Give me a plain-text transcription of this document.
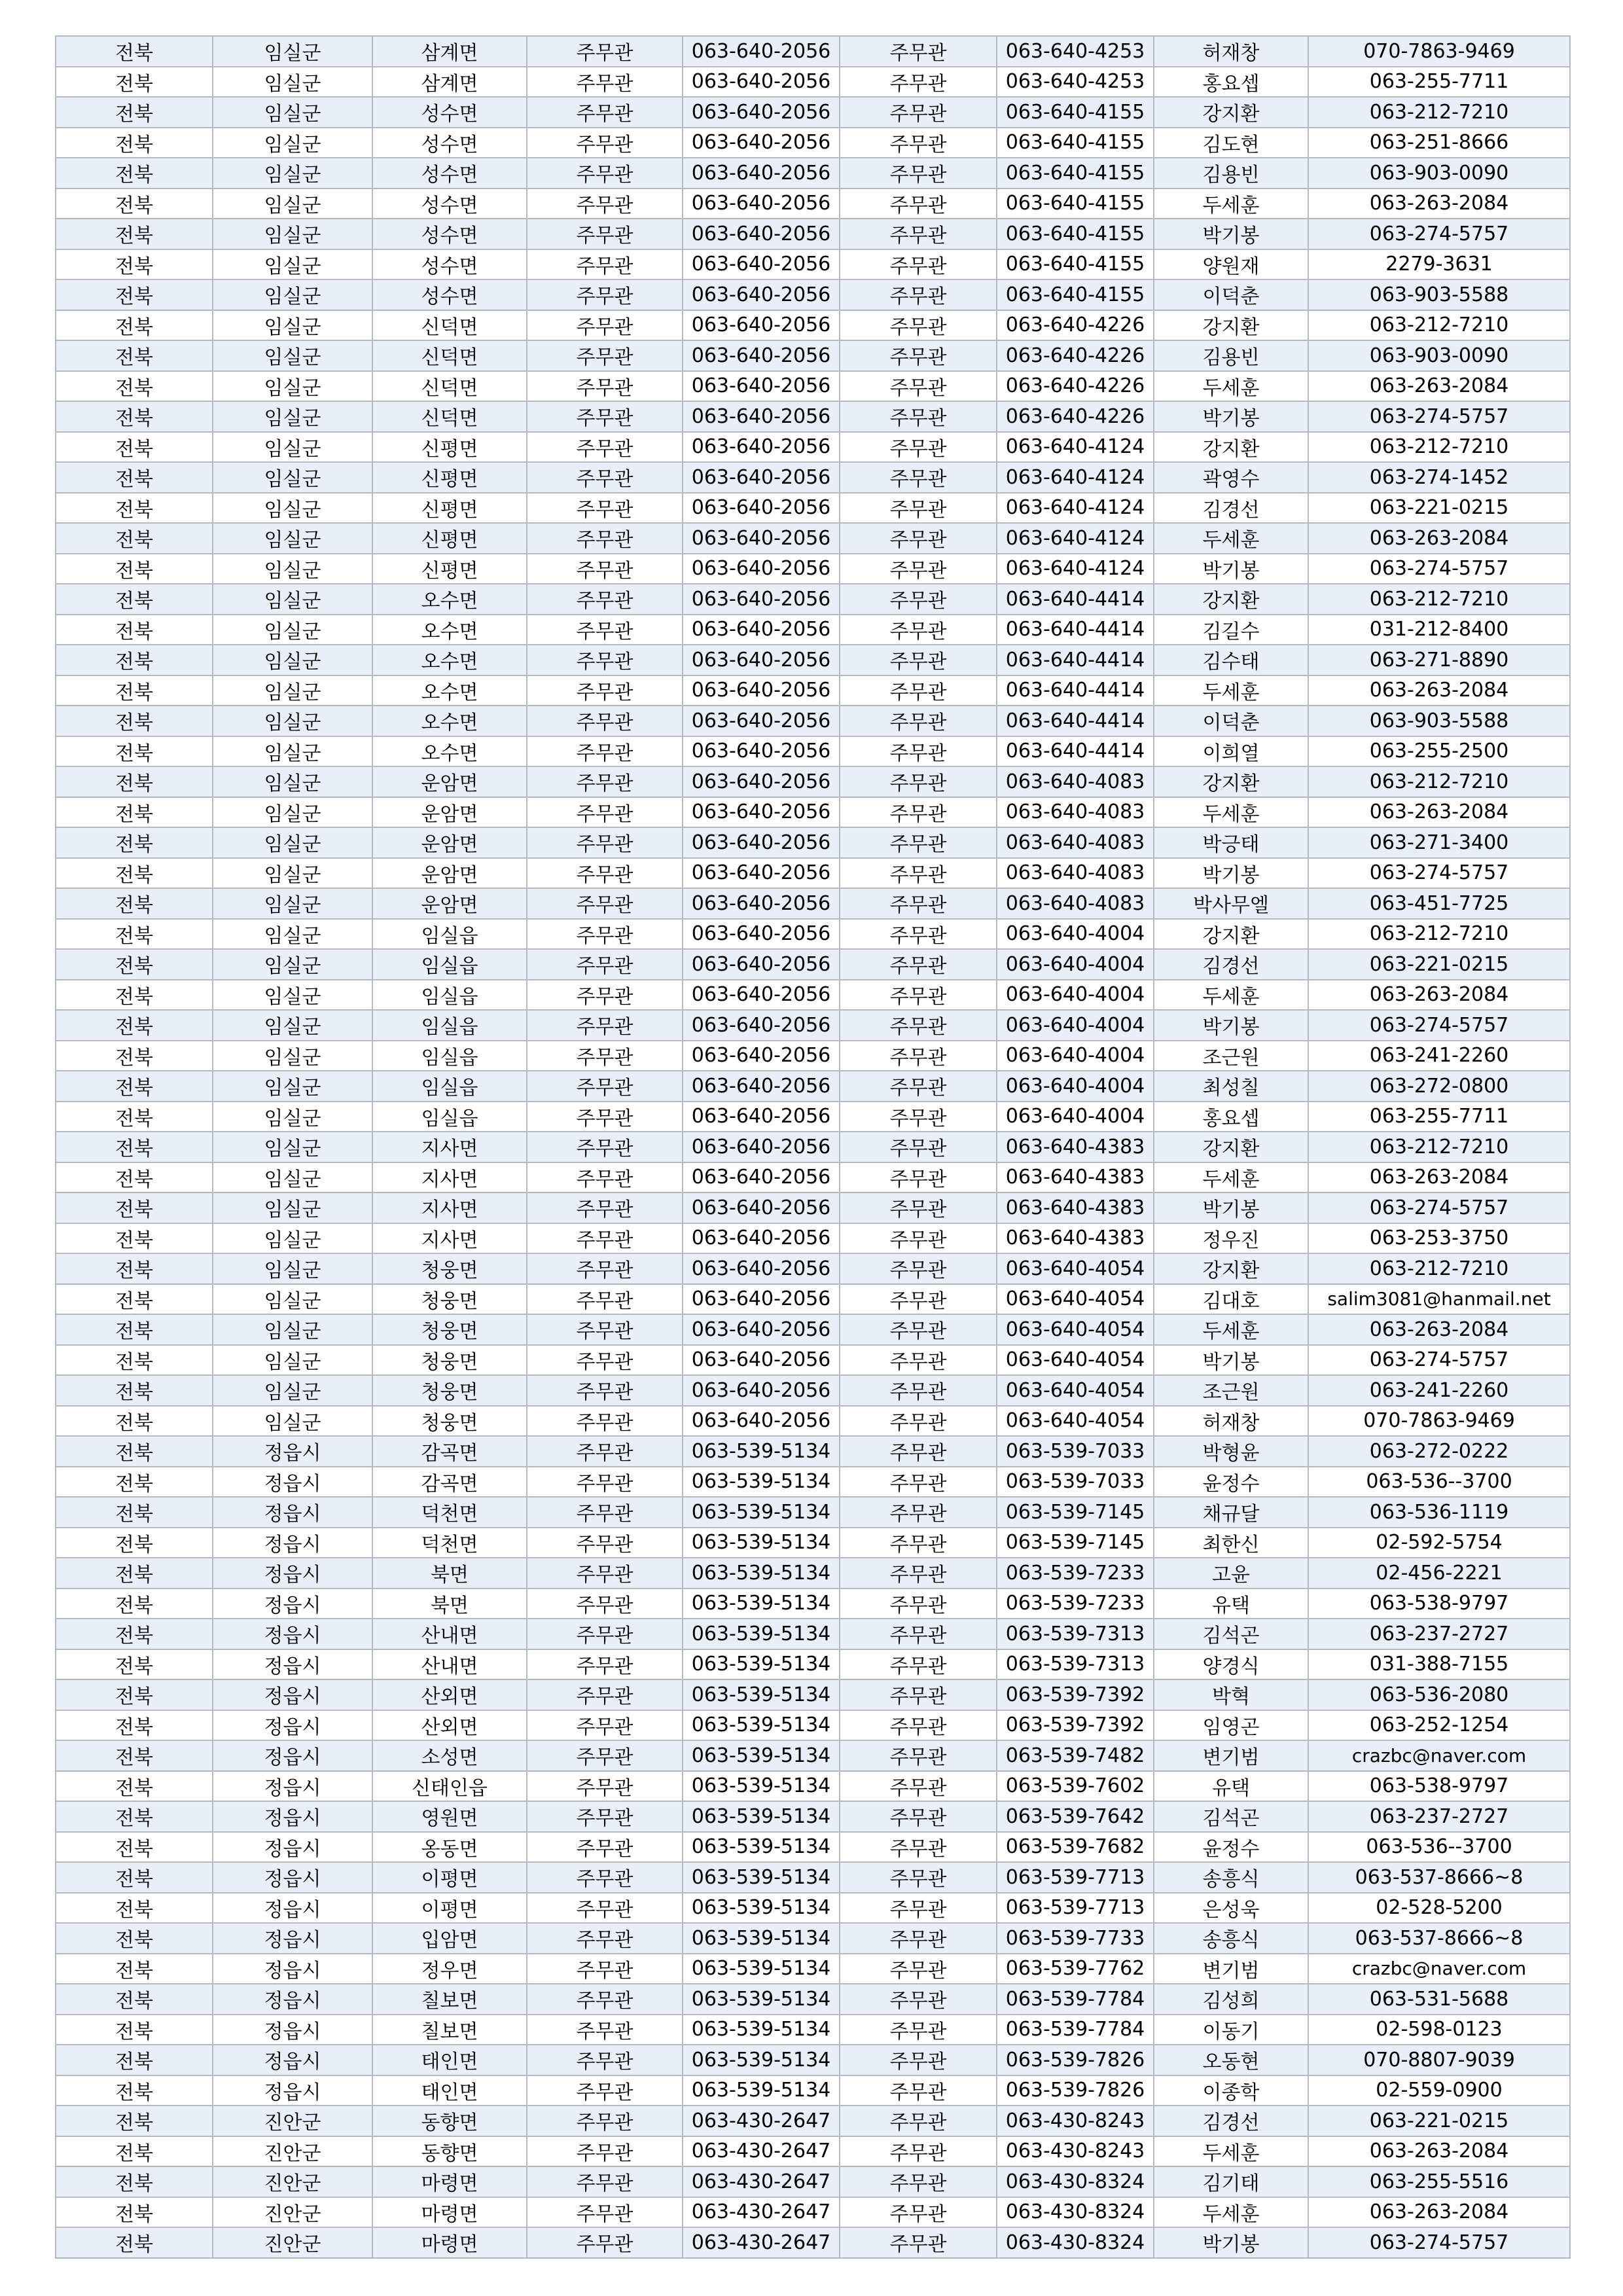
전북	임실군	삼계면	주무관	063-640-2056	주무관	063-640-4253	허재창	070-7863-9469
전북	임실군	삼계면	주무관	063-640-2056	주무관	063-640-4253	홍요셉	063-255-7711
전북	임실군	성수면	주무관	063-640-2056	주무관	063-640-4155	강지환	063-212-7210
전북	임실군	성수면	주무관	063-640-2056	주무관	063-640-4155	김도현	063-251-8666
전북	임실군	성수면	주무관	063-640-2056	주무관	063-640-4155	김용빈	063-903-0090
전북	임실군	성수면	주무관	063-640-2056	주무관	063-640-4155	두세훈	063-263-2084
전북	임실군	성수면	주무관	063-640-2056	주무관	063-640-4155	박기봉	063-274-5757
전북	임실군	성수면	주무관	063-640-2056	주무관	063-640-4155	양원재	2279-3631
전북	임실군	성수면	주무관	063-640-2056	주무관	063-640-4155	이덕춘	063-903-5588
전북	임실군	신덕면	주무관	063-640-2056	주무관	063-640-4226	강지환	063-212-7210
전북	임실군	신덕면	주무관	063-640-2056	주무관	063-640-4226	김용빈	063-903-0090
전북	임실군	신덕면	주무관	063-640-2056	주무관	063-640-4226	두세훈	063-263-2084
전북	임실군	신덕면	주무관	063-640-2056	주무관	063-640-4226	박기봉	063-274-5757
전북	임실군	신평면	주무관	063-640-2056	주무관	063-640-4124	강지환	063-212-7210
전북	임실군	신평면	주무관	063-640-2056	주무관	063-640-4124	곽영수	063-274-1452
전북	임실군	신평면	주무관	063-640-2056	주무관	063-640-4124	김경선	063-221-0215
전북	임실군	신평면	주무관	063-640-2056	주무관	063-640-4124	두세훈	063-263-2084
전북	임실군	신평면	주무관	063-640-2056	주무관	063-640-4124	박기봉	063-274-5757
전북	임실군	오수면	주무관	063-640-2056	주무관	063-640-4414	강지환	063-212-7210
전북	임실군	오수면	주무관	063-640-2056	주무관	063-640-4414	김길수	031-212-8400
전북	임실군	오수면	주무관	063-640-2056	주무관	063-640-4414	김수태	063-271-8890
전북	임실군	오수면	주무관	063-640-2056	주무관	063-640-4414	두세훈	063-263-2084
전북	임실군	오수면	주무관	063-640-2056	주무관	063-640-4414	이덕춘	063-903-5588
전북	임실군	오수면	주무관	063-640-2056	주무관	063-640-4414	이희열	063-255-2500
전북	임실군	운암면	주무관	063-640-2056	주무관	063-640-4083	강지환	063-212-7210
전북	임실군	운암면	주무관	063-640-2056	주무관	063-640-4083	두세훈	063-263-2084
전북	임실군	운암면	주무관	063-640-2056	주무관	063-640-4083	박긍태	063-271-3400
전북	임실군	운암면	주무관	063-640-2056	주무관	063-640-4083	박기봉	063-274-5757
전북	임실군	운암면	주무관	063-640-2056	주무관	063-640-4083	박사무엘	063-451-7725
전북	임실군	임실읍	주무관	063-640-2056	주무관	063-640-4004	강지환	063-212-7210
전북	임실군	임실읍	주무관	063-640-2056	주무관	063-640-4004	김경선	063-221-0215
전북	임실군	임실읍	주무관	063-640-2056	주무관	063-640-4004	두세훈	063-263-2084
전북	임실군	임실읍	주무관	063-640-2056	주무관	063-640-4004	박기봉	063-274-5757
전북	임실군	임실읍	주무관	063-640-2056	주무관	063-640-4004	조근원	063-241-2260
전북	임실군	임실읍	주무관	063-640-2056	주무관	063-640-4004	최성칠	063-272-0800
전북	임실군	임실읍	주무관	063-640-2056	주무관	063-640-4004	홍요셉	063-255-7711
전북	임실군	지사면	주무관	063-640-2056	주무관	063-640-4383	강지환	063-212-7210
전북	임실군	지사면	주무관	063-640-2056	주무관	063-640-4383	두세훈	063-263-2084
전북	임실군	지사면	주무관	063-640-2056	주무관	063-640-4383	박기봉	063-274-5757
전북	임실군	지사면	주무관	063-640-2056	주무관	063-640-4383	정우진	063-253-3750
전북	임실군	청웅면	주무관	063-640-2056	주무관	063-640-4054	강지환	063-212-7210
전북	임실군	청웅면	주무관	063-640-2056	주무관	063-640-4054	김대호	salim3081@hanmail.net
전북	임실군	청웅면	주무관	063-640-2056	주무관	063-640-4054	두세훈	063-263-2084
전북	임실군	청웅면	주무관	063-640-2056	주무관	063-640-4054	박기봉	063-274-5757
전북	임실군	청웅면	주무관	063-640-2056	주무관	063-640-4054	조근원	063-241-2260
전북	임실군	청웅면	주무관	063-640-2056	주무관	063-640-4054	허재창	070-7863-9469
전북	정읍시	감곡면	주무관	063-539-5134	주무관	063-539-7033	박형윤	063-272-0222
전북	정읍시	감곡면	주무관	063-539-5134	주무관	063-539-7033	윤정수	063-536--3700
전북	정읍시	덕천면	주무관	063-539-5134	주무관	063-539-7145	채규달	063-536-1119
전북	정읍시	덕천면	주무관	063-539-5134	주무관	063-539-7145	최한신	02-592-5754
전북	정읍시	북면	주무관	063-539-5134	주무관	063-539-7233	고윤	02-456-2221
전북	정읍시	북면	주무관	063-539-5134	주무관	063-539-7233	유택	063-538-9797
전북	정읍시	산내면	주무관	063-539-5134	주무관	063-539-7313	김석곤	063-237-2727
전북	정읍시	산내면	주무관	063-539-5134	주무관	063-539-7313	양경식	031-388-7155
전북	정읍시	산외면	주무관	063-539-5134	주무관	063-539-7392	박혁	063-536-2080
전북	정읍시	산외면	주무관	063-539-5134	주무관	063-539-7392	임영곤	063-252-1254
전북	정읍시	소성면	주무관	063-539-5134	주무관	063-539-7482	변기범	crazbc@naver.com
전북	정읍시	신태인읍	주무관	063-539-5134	주무관	063-539-7602	유택	063-538-9797
전북	정읍시	영원면	주무관	063-539-5134	주무관	063-539-7642	김석곤	063-237-2727
전북	정읍시	옹동면	주무관	063-539-5134	주무관	063-539-7682	윤정수	063-536--3700
전북	정읍시	이평면	주무관	063-539-5134	주무관	063-539-7713	송흥식	063-537-8666~8
전북	정읍시	이평면	주무관	063-539-5134	주무관	063-539-7713	은성욱	02-528-5200
전북	정읍시	입암면	주무관	063-539-5134	주무관	063-539-7733	송흥식	063-537-8666~8
전북	정읍시	정우면	주무관	063-539-5134	주무관	063-539-7762	변기범	crazbc@naver.com
전북	정읍시	칠보면	주무관	063-539-5134	주무관	063-539-7784	김성희	063-531-5688
전북	정읍시	칠보면	주무관	063-539-5134	주무관	063-539-7784	이동기	02-598-0123
전북	정읍시	태인면	주무관	063-539-5134	주무관	063-539-7826	오동현	070-8807-9039
전북	정읍시	태인면	주무관	063-539-5134	주무관	063-539-7826	이종학	02-559-0900
전북	진안군	동향면	주무관	063-430-2647	주무관	063-430-8243	김경선	063-221-0215
전북	진안군	동향면	주무관	063-430-2647	주무관	063-430-8243	두세훈	063-263-2084
전북	진안군	마령면	주무관	063-430-2647	주무관	063-430-8324	김기태	063-255-5516
전북	진안군	마령면	주무관	063-430-2647	주무관	063-430-8324	두세훈	063-263-2084
전북	진안군	마령면	주무관	063-430-2647	주무관	063-430-8324	박기봉	063-274-5757
